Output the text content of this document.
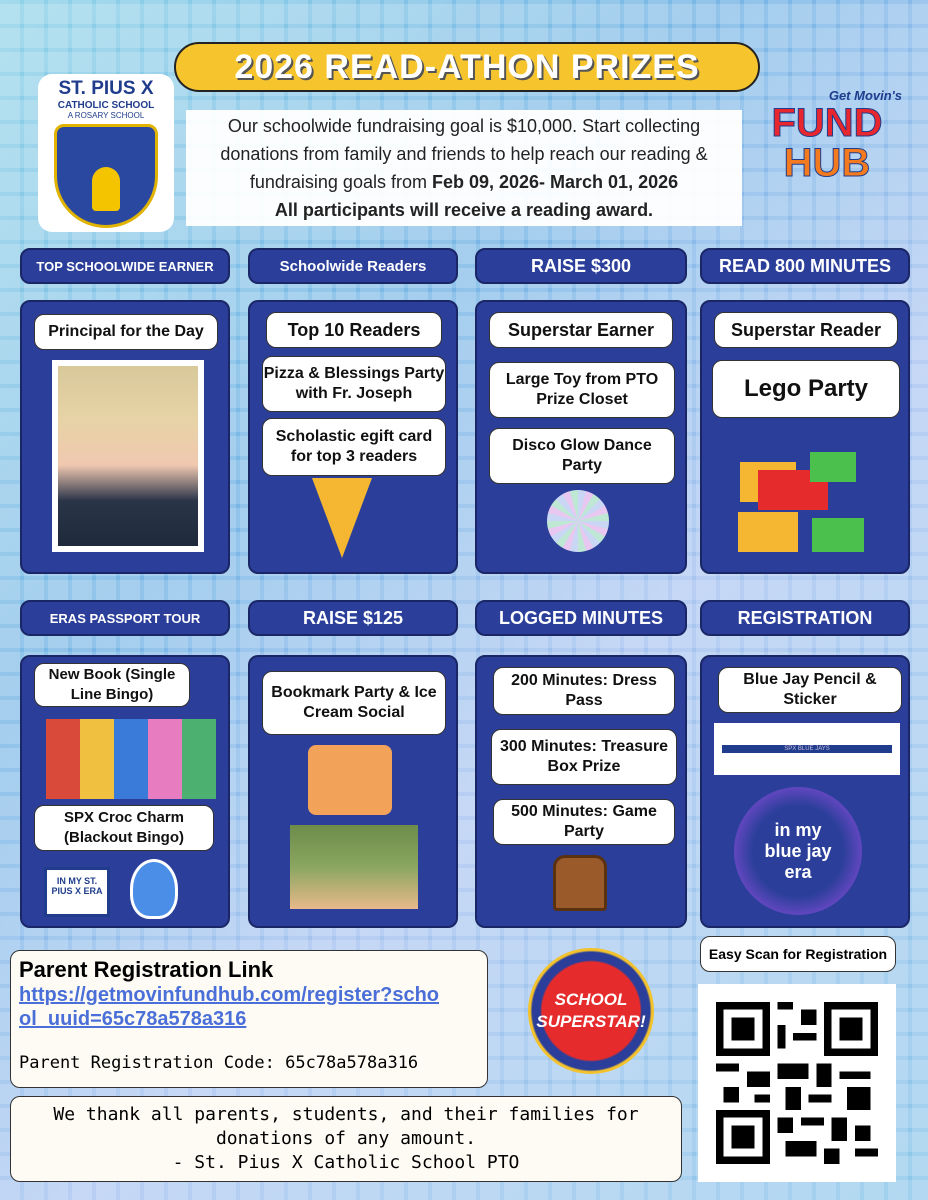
2026 READ-ATHON PRIZES
ST. PIUS X
CATHOLIC SCHOOL
A ROSARY SCHOOL
Our schoolwide fundraising goal is $10,000. Start collecting donations from family and friends to help reach our reading & fundraising goals from Feb 09, 2026- March 01, 2026
All participants will receive a reading award.
Get Movin's
FUND
HUB
TOP SCHOOLWIDE EARNER	Schoolwide Readers	RAISE $300	READ 800 MINUTES
ERAS PASSPORT TOUR	RAISE $125	LOGGED MINUTES	REGISTRATION
Principal for the Day	Top 10 Readers
Pizza & Blessings Party with Fr. Joseph
Scholastic egift card for top 3 readers
Superstar Earner
Large Toy from PTO Prize Closet
Disco Glow Dance Party
Superstar Reader
Lego Party
New Book (Single Line Bingo)
SPX Croc Charm (Blackout Bingo)
IN MY ST. PIUS X ERA
Bookmark Party & Ice Cream Social
200 Minutes: Dress Pass
300 Minutes: Treasure Box Prize
500 Minutes: Game Party
Blue Jay Pencil & Sticker
SPX BLUE JAYS
in my blue jay era
Parent Registration Link
https://getmovinfundhub.com/register?school_uuid=65c78a578a316
Parent Registration Code: 65c78a578a316
SCHOOL SUPERSTAR!
We thank all parents, students, and their families for
donations of any amount.
- St. Pius X Catholic School PTO
Easy Scan for Registration
